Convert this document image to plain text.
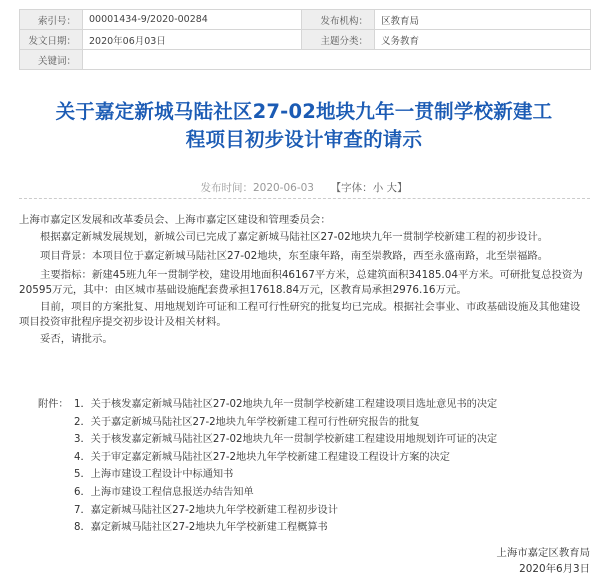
索引号：	00001434-9/2020-00284	发布机构：	区教育局
发文日期：	2020年06月03日	主题分类：	义务教育
关键词：			
关于嘉定新城马陆社区27-02地块九年一贯制学校新建工
程项目初步设计审查的请示
发布时间：2020-06-03 【字体：小 大】

上海市嘉定区发展和改革委员会、上海市嘉定区建设和管理委员会：

根据嘉定新城发展规划，新城公司已完成了嘉定新城马陆社区27-02地块九年一贯制学校新建工程的初步设计。

项目背景：本项目位于嘉定新城马陆社区27-02地块，东至康年路，南至崇教路，西至永盛南路，北至崇福路。

主要指标：新建45班九年一贯制学校，建设用地面积46167平方米，总建筑面积34185.04平方米。可研批复总投资为20595万元，其中：由区城市基础设施配套费承担17618.84万元，区教育局承担2976.16万元。

目前，项目的方案批复、用地规划许可证和工程可行性研究的批复均已完成。根据社会事业、市政基础设施及其他建设项目投资审批程序提交初步设计及相关材料。

妥否，请批示。

附件： 1．关于核发嘉定新城马陆社区27-02地块九年一贯制学校新建工程建设项目选址意见书的决定
2．关于嘉定新城马陆社区27-2地块九年学校新建工程可行性研究报告的批复
3．关于核发嘉定新城马陆社区27-02地块九年一贯制学校新建工程建设用地规划许可证的决定
4．关于审定嘉定新城马陆社区27-2地块九年学校新建工程建设工程设计方案的决定
5．上海市建设工程设计中标通知书
6．上海市建设工程信息报送办结告知单
7．嘉定新城马陆社区27-2地块九年学校新建工程初步设计
8．嘉定新城马陆社区27-2地块九年学校新建工程概算书
上海市嘉定区教育局
2020年6月3日
